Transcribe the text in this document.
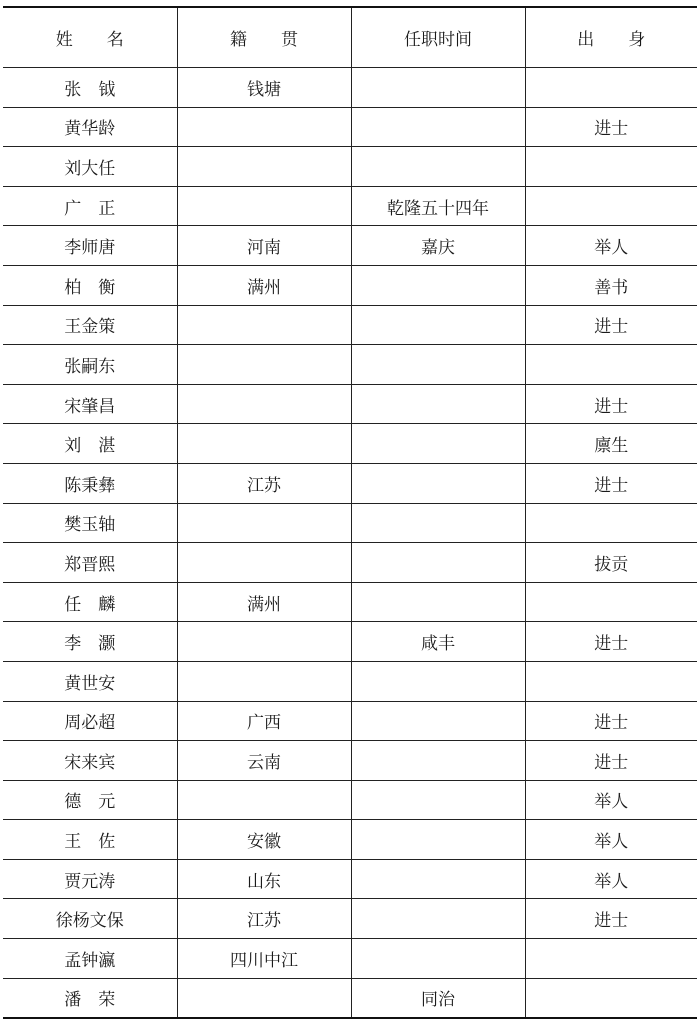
姓　　名	籍　　贯	任职时间	出　　身
张　钺	钱塘		
黄华龄			进士
刘大任			
广　正		乾隆五十四年	
李师唐	河南	嘉庆	举人
柏　衡	满州		善书
王金策			进士
张嗣东			
宋肇昌			进士
刘　湛			廪生
陈秉彝	江苏		进士
樊玉轴			
郑晋熙			拔贡
任　麟	满州		
李　灏		咸丰	进士
黄世安			
周必超	广西		进士
宋来宾	云南		进士
德　元			举人
王　佐	安徽		举人
贾元涛	山东		举人
徐杨文保	江苏		进士
孟钟瀛	四川中江		
潘　荣		同治	
